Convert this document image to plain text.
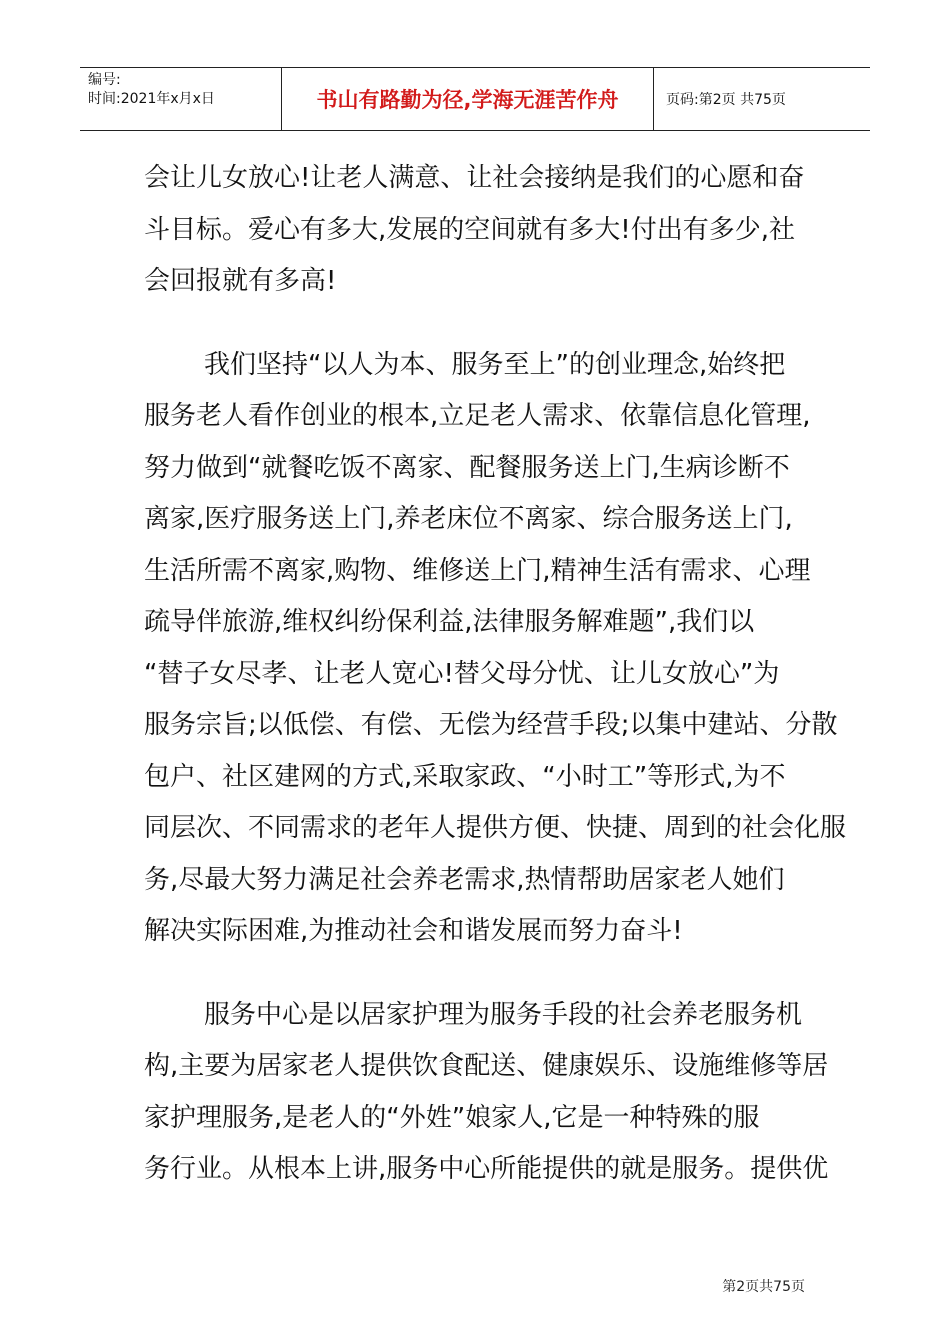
编号:
时间:2021年x月x日	书山有路勤为径,学海无涯苦作舟	页码:第2页 共75页
会让儿女放心!让老人满意、让社会接纳是我们的心愿和奋
斗目标。爱心有多大,发展的空间就有多大!付出有多少,社
会回报就有多高!
我们坚持“以人为本、服务至上”的创业理念,始终把
服务老人看作创业的根本,立足老人需求、依靠信息化管理,
努力做到“就餐吃饭不离家、配餐服务送上门,生病诊断不
离家,医疗服务送上门,养老床位不离家、综合服务送上门,
生活所需不离家,购物、维修送上门,精神生活有需求、心理
疏导伴旅游,维权纠纷保利益,法律服务解难题”,我们以
“替子女尽孝、让老人宽心!替父母分忧、让儿女放心”为
服务宗旨;以低偿、有偿、无偿为经营手段;以集中建站、分散
包户、社区建网的方式,采取家政、“小时工”等形式,为不
同层次、不同需求的老年人提供方便、快捷、周到的社会化服
务,尽最大努力满足社会养老需求,热情帮助居家老人她们
解决实际困难,为推动社会和谐发展而努力奋斗!
服务中心是以居家护理为服务手段的社会养老服务机
构,主要为居家老人提供饮食配送、健康娱乐、设施维修等居
家护理服务,是老人的“外姓”娘家人,它是一种特殊的服
务行业。从根本上讲,服务中心所能提供的就是服务。提供优
第2页共75页
